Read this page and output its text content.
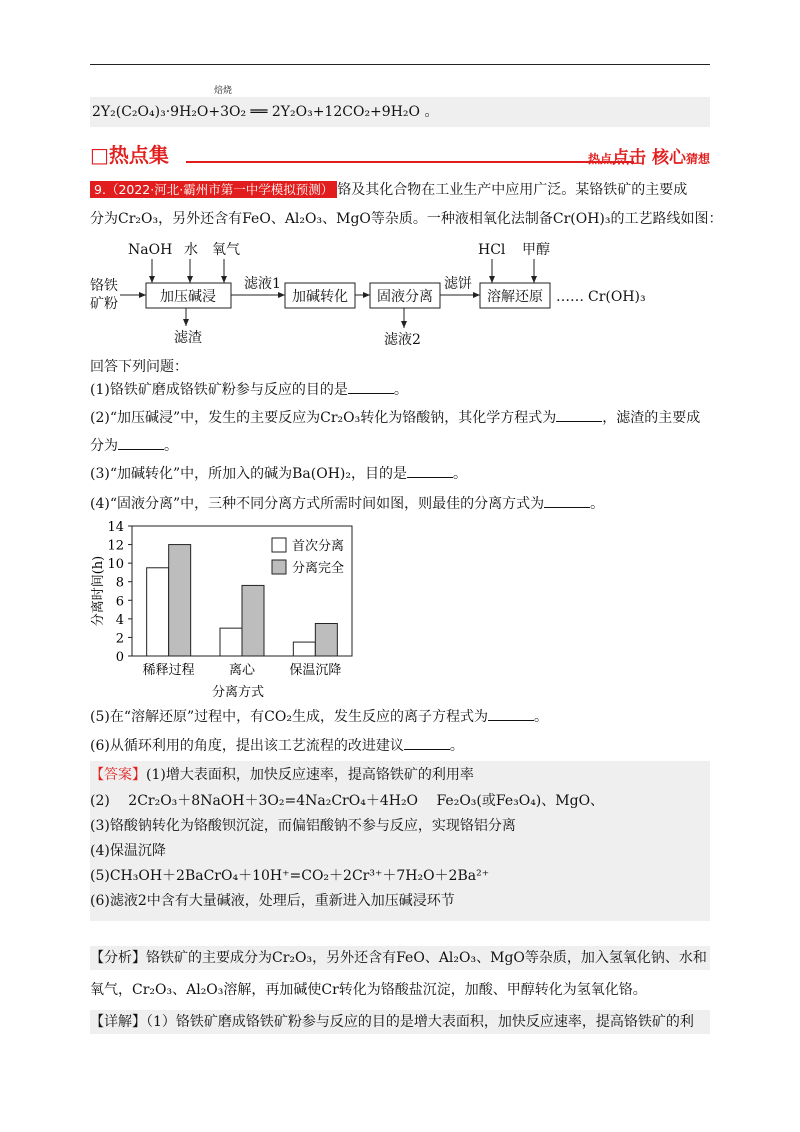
2Y₂(C₂O₄)₃·9H₂O+3O₂ ══ 2Y₂O₃+12CO₂+9H₂O 。
焙烧
□热点集	热点点击 核心猜想
9.（2022·河北·霸州市第一中学模拟预测） 铬及其化合物在工业生产中应用广泛。某铬铁矿的主要成
分为Cr₂O₃，另外还含有FeO、Al₂O₃、MgO等杂质。一种液相氧化法制备Cr(OH)₃的工艺路线如图：
铬铁
矿粉
NaOH 水 氧气
滤液1
滤渣	滤液2
滤饼
HCl 甲醇
…… Cr(OH)₃
加压碱浸	加碱转化 固液分离	溶解还原
回答下列问题：
(1)铬铁矿磨成铬铁矿粉参与反应的目的是	。
(2)“加压碱浸”中，发生的主要反应为Cr₂O₃转化为铬酸钠，其化学方程式为	，滤渣的主要成
分为	。
(3)“加碱转化”中，所加入的碱为Ba(OH)₂，目的是	。
(4)“固液分离”中，三种不同分离方式所需时间如图，则最佳的分离方式为	。
0
2
4
6
8
10
12
14
分离时间(h)
稀释过程	离心	保温沉降
分离方式
首次分离
分离完全
(5)在“溶解还原”过程中，有CO₂生成，发生反应的离子方程式为	。
(6)从循环利用的角度，提出该工艺流程的改进建议	。
【答案】(1)增大表面积，加快反应速率，提高铬铁矿的利用率
(2)　 2Cr₂O₃＋8NaOH＋3O₂=4Na₂CrO₄＋4H₂O　 Fe₂O₃(或Fe₃O₄)、MgO、
(3)铬酸钠转化为铬酸钡沉淀，而偏铝酸钠不参与反应，实现铬铝分离
(4)保温沉降
(5)CH₃OH＋2BaCrO₄＋10H⁺=CO₂＋2Cr³⁺＋7H₂O＋2Ba²⁺
(6)滤液2中含有大量碱液，处理后，重新进入加压碱浸环节
【分析】铬铁矿的主要成分为Cr₂O₃，另外还含有FeO、Al₂O₃、MgO等杂质，加入氢氧化钠、水和
氧气，Cr₂O₃、Al₂O₃溶解，再加碱使Cr转化为铬酸盐沉淀，加酸、甲醇转化为氢氧化铬。
【详解】（1）铬铁矿磨成铬铁矿粉参与反应的目的是增大表面积，加快反应速率，提高铬铁矿的利
